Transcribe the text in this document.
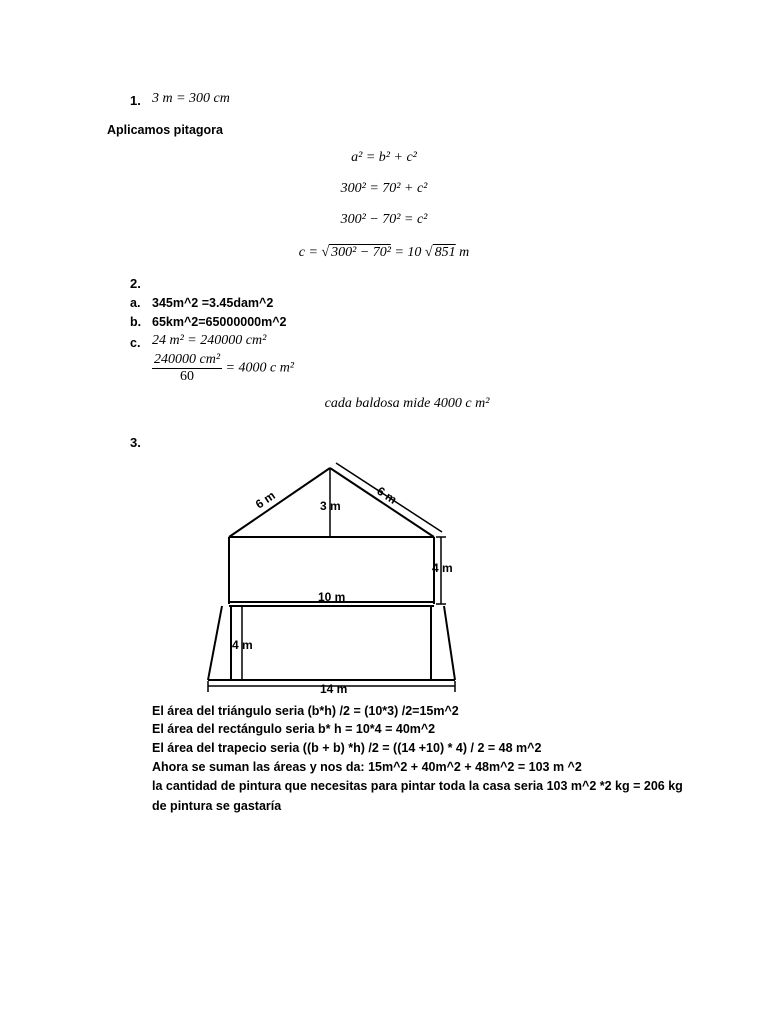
1. 3 m = 300 cm
Aplicamos pitagora
a² = b² + c²
300² = 70² + c²
300² − 70² = c²
c = √ 300² − 70² = 10 √ 851 m
2.
a. 345m^2 =3.45dam^2
b. 65km^2=65000000m^2
c. 24 m² = 240000 cm²
$\frac{\text{240000 cm²}}{60} = 4000$ c m²
cada baldosa mide 4000 c m²
3.
6 m	6 m
3 m
4 m
10 m
4 m
14 m
El área del triángulo seria (b*h) /2 = (10*3) /2=15m^2
El área del rectángulo seria b* h = 10*4 = 40m^2
El área del trapecio seria ((b + b) *h) /2 = ((14 +10) * 4) / 2 = 48 m^2
Ahora se suman las áreas y nos da: 15m^2 + 40m^2 + 48m^2 = 103 m ^2
la cantidad de pintura que necesitas para pintar toda la casa seria 103 m^2 *2 kg = 206 kg
de pintura se gastaría
